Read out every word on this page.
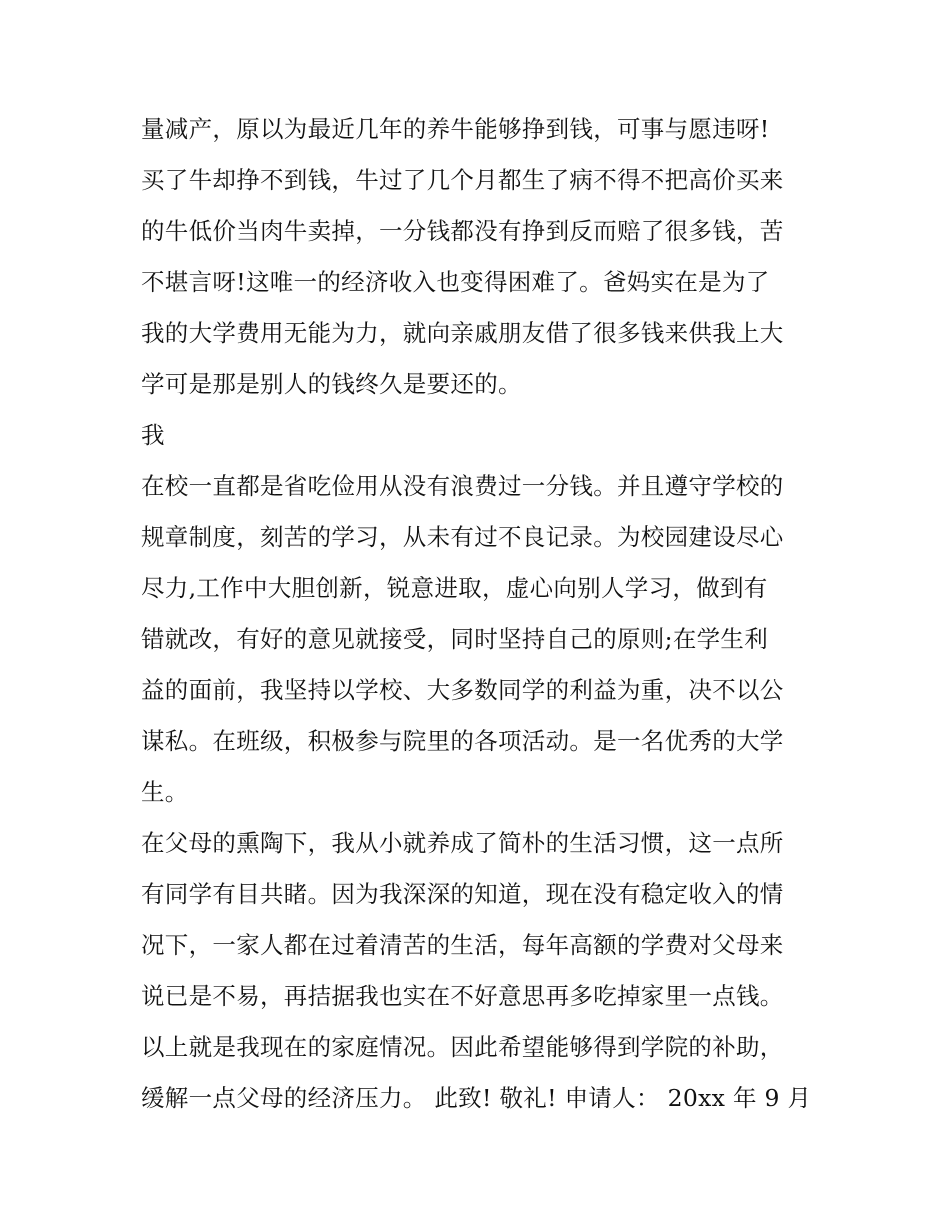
量减产，原以为最近几年的养牛能够挣到钱，可事与愿违呀!
买了牛却挣不到钱，牛过了几个月都生了病不得不把高价买来
的牛低价当肉牛卖掉，一分钱都没有挣到反而赔了很多钱，苦
不堪言呀!这唯一的经济收入也变得困难了。爸妈实在是为了
我的大学费用无能为力，就向亲戚朋友借了很多钱来供我上大
学可是那是别人的钱终久是要还的。
我
在校一直都是省吃俭用从没有浪费过一分钱。并且遵守学校的
规章制度，刻苦的学习，从未有过不良记录。为校园建设尽心
尽力,工作中大胆创新，锐意进取，虚心向别人学习，做到有
错就改，有好的意见就接受，同时坚持自己的原则;在学生利
益的面前，我坚持以学校、大多数同学的利益为重，决不以公
谋私。在班级，积极参与院里的各项活动。是一名优秀的大学
生。
在父母的熏陶下，我从小就养成了简朴的生活习惯，这一点所
有同学有目共睹。因为我深深的知道，现在没有稳定收入的情
况下，一家人都在过着清苦的生活，每年高额的学费对父母来
说已是不易，再拮据我也实在不好意思再多吃掉家里一点钱。
以上就是我现在的家庭情况。因此希望能够得到学院的补助，
缓解一点父母的经济压力。 此致! 敬礼! 申请人： 20xx 年 9 月
